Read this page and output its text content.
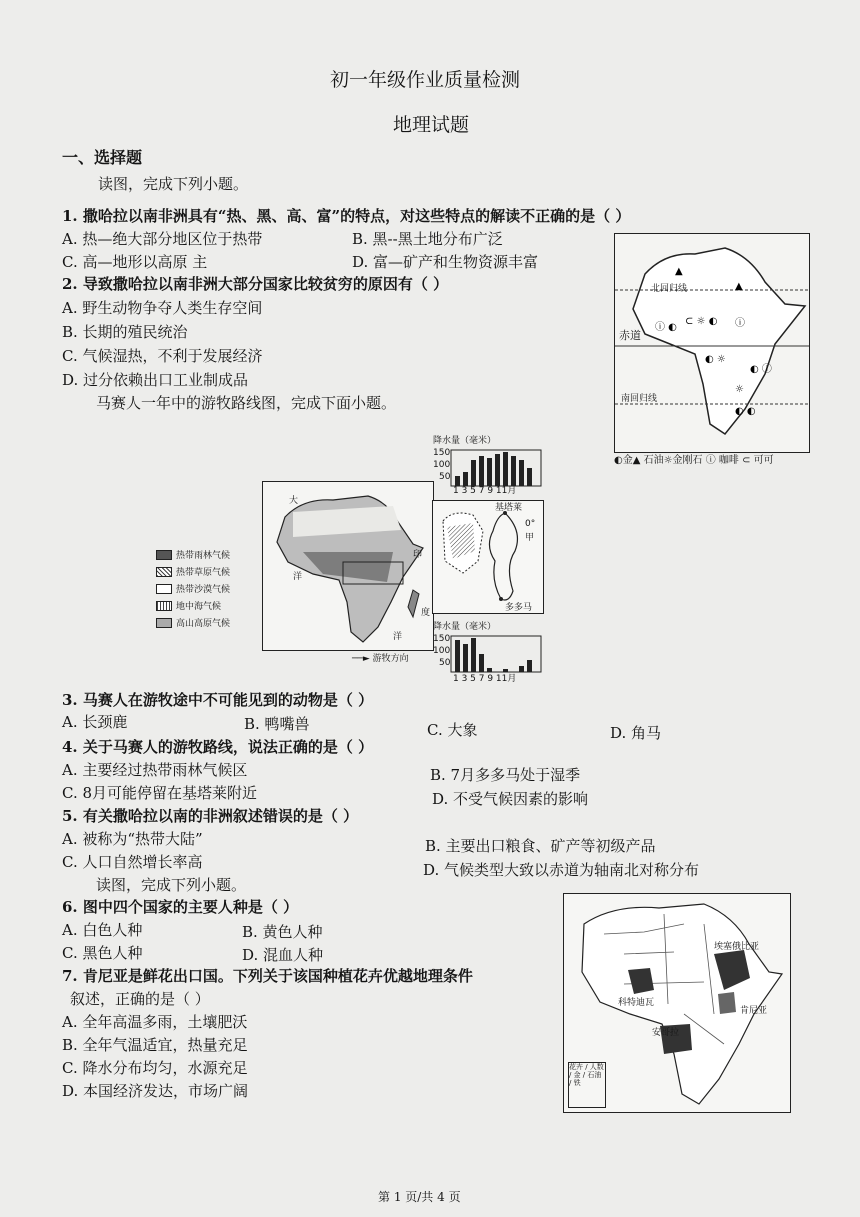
初一年级作业质量检测
地理试题
一、选择题
读图，完成下列小题。
1. 撒哈拉以南非洲具有“热、黑、高、富”的特点，对这些特点的解读不正确的是（ ）
A. 热—绝大部分地区位于热带	B. 黑--黑土地分布广泛
C. 高—地形以高原 主	D. 富—矿产和生物资源丰富
2. 导致撒哈拉以南非洲大部分国家比较贫穷的原因有（ ）
A. 野生动物争夺人类生存空间
B. 长期的殖民统治
C. 气候湿热，不利于发展经济
D. 过分依赖出口工业制成品
马赛人一年中的游牧路线图，完成下面小题。
▲
▲
ⓘ ◐
⊂ ☼ ◐ ⓘ
◐ ☼
◐ ⓘ
☼
◐ ◐
北回归线
赤道
南回归线
◐金▲ 石油☼金刚石 ⓘ 咖啡 ⊂ 可可
大
洋
印
度
洋
热带雨林气候
热带草原气候
热带沙漠气候
地中海气候
高山高原气候
基塔莱
0°
甲
多多马
降水量（毫米）
150
100
50
1 3 5 7 9 11月
降水量（毫米）
150
100
50
1 3 5 7 9 11月
──► 游牧方向
3. 马赛人在游牧途中不可能见到的动物是（ ）
A. 长颈鹿	B. 鸭嘴兽	C. 大象	D. 角马
4. 关于马赛人的游牧路线，说法正确的是（ ）
A. 主要经过热带雨林气候区	B. 7月多多马处于湿季
C. 8月可能停留在基塔莱附近	D. 不受气候因素的影响
5. 有关撒哈拉以南的非洲叙述错误的是（ ）
A. 被称为“热带大陆”	B. 主要出口粮食、矿产等初级产品
C. 人口自然增长率高	D. 气候类型大致以赤道为轴南北对称分布
读图，完成下列小题。
6. 图中四个国家的主要人种是（ ）
A. 白色人种	B. 黄色人种
C. 黑色人种	D. 混血人种
7. 肯尼亚是鲜花出口国。下列关于该国种植花卉优越地理条件
叙述，正确的是（ ）
A. 全年高温多雨，土壤肥沃
B. 全年气温适宜，热量充足
C. 降水分布均匀，水源充足
D. 本国经济发达，市场广阔
埃塞俄比亚
科特迪瓦
肯尼亚
安哥拉
花卉 / 人数 / 金 / 石油 / 铁
第 1 页/共 4 页
